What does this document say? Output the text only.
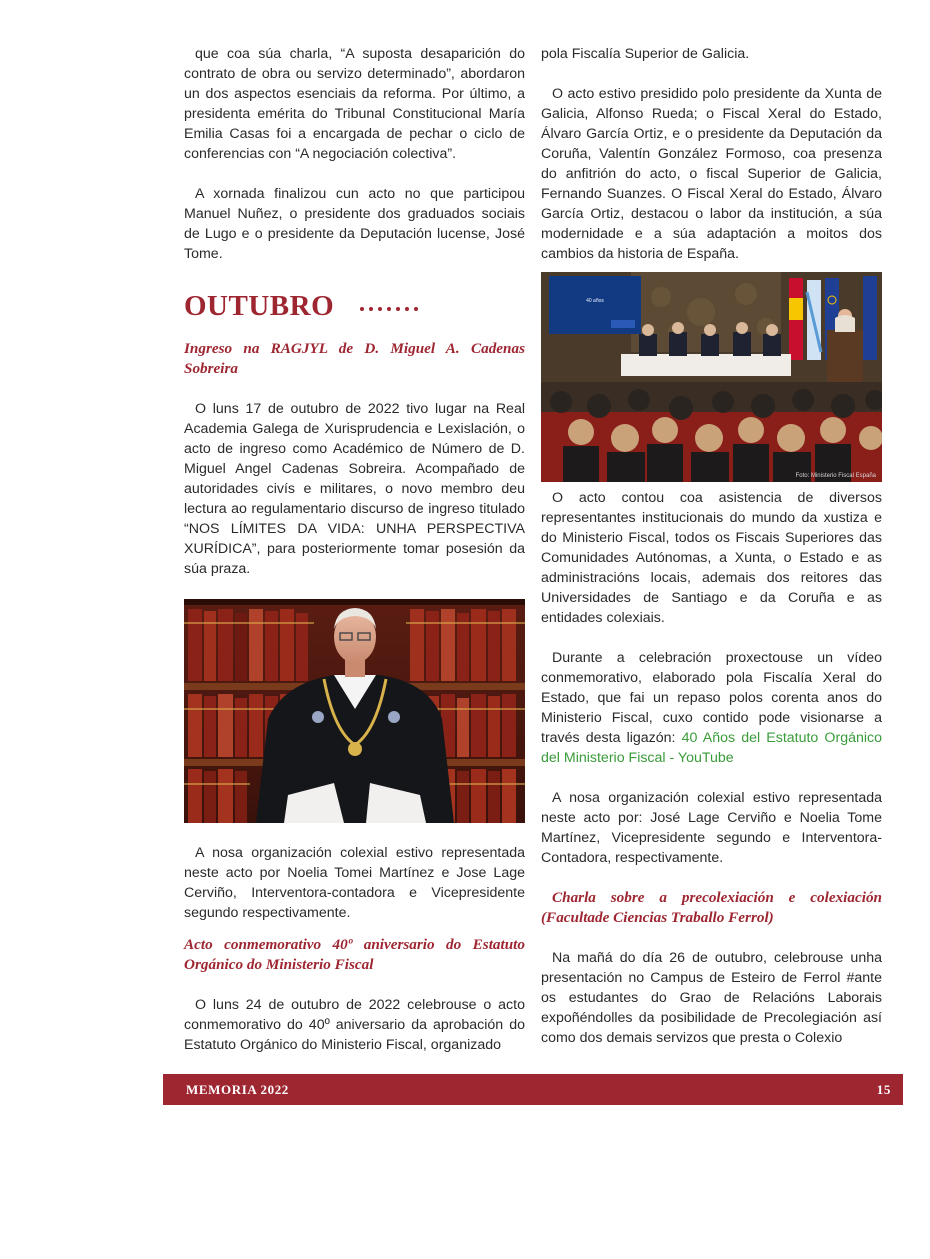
que coa súa charla, “A suposta desaparición do contrato de obra ou servizo determinado”, abordaron un dos aspectos esenciais da reforma. Por último, a presidenta emérita do Tribunal Constitucional María Emilia Casas foi a encargada de pechar o ciclo de conferencias con “A negociación colectiva”.

A xornada finalizou cun acto no que participou Manuel Nuñez, o presidente dos graduados sociais de Lugo e o presidente da Deputación lucense, José Tome.

OUTUBRO
Ingreso na RAGJYL de D. Miguel A. Cadenas Sobreira

O luns 17 de outubro de 2022 tivo lugar na Real Academia Galega de Xurisprudencia e Lexislación, o acto de ingreso como Académico de Número de D. Miguel Angel Cadenas Sobreira. Acompañado de autoridades civís e militares, o novo membro deu lectura ao regulamentario discurso de ingreso titulado “NOS LÍMITES DA VIDA: UNHA PERSPECTIVA XURÍDICA”, para posteriormente tomar posesión da súa praza.

A nosa organización colexial estivo representada neste acto por Noelia Tomei Martínez e Jose Lage Cerviño, Interventora-contadora e Vicepresidente segundo respectivamente.

Acto conmemorativo 40º aniversario do Estatuto Orgánico do Ministerio Fiscal

O luns 24 de outubro de 2022 celebrouse o acto conmemorativo do 40º aniversario da aprobación do Estatuto Orgánico do Ministerio Fiscal, organizado

pola Fiscalía Superior de Galicia.

O acto estivo presidido polo presidente da Xunta de Galicia, Alfonso Rueda; o Fiscal Xeral do Estado, Álvaro García Ortiz, e o presidente da Deputación da Coruña, Valentín González Formoso, coa presenza do anfitrión do acto, o fiscal Superior de Galicia, Fernando Suanzes. O Fiscal Xeral do Estado, Álvaro García Ortiz, destacou o labor da institución, a súa modernidade e a súa adaptación a moitos dos cambios da historia de España.

40 años
Foto: Ministerio Fiscal España

O acto contou coa asistencia de diversos representantes institucionais do mundo da xustiza e do Ministerio Fiscal, todos os Fiscais Superiores das Comunidades Autónomas, a Xunta, o Estado e as administracións locais, ademais dos reitores das Universidades de Santiago e da Coruña e as entidades colexiais.

Durante a celebración proxectouse un vídeo conmemorativo, elaborado pola Fiscalía Xeral do Estado, que fai un repaso polos corenta anos do Ministerio Fiscal, cuxo contido pode visionarse a través desta ligazón: 40 Años del Estatuto Orgánico del Ministerio Fiscal - YouTube

A nosa organización colexial estivo representada neste acto por: José Lage Cerviño e Noelia Tome Martínez, Vicepresidente segundo e Interventora-Contadora, respectivamente.

Charla sobre a precolexiación e colexiación (Facultade Ciencias Traballo Ferrol)

Na mañá do día 26 de outubro, celebrouse unha presentación no Campus de Esteiro de Ferrol #ante os estudantes do Grao de Relacións Laborais expoñéndolles da posibilidade de Precolegiación así como dos demais servizos que presta o Colexio

MEMORIA 2022	15
